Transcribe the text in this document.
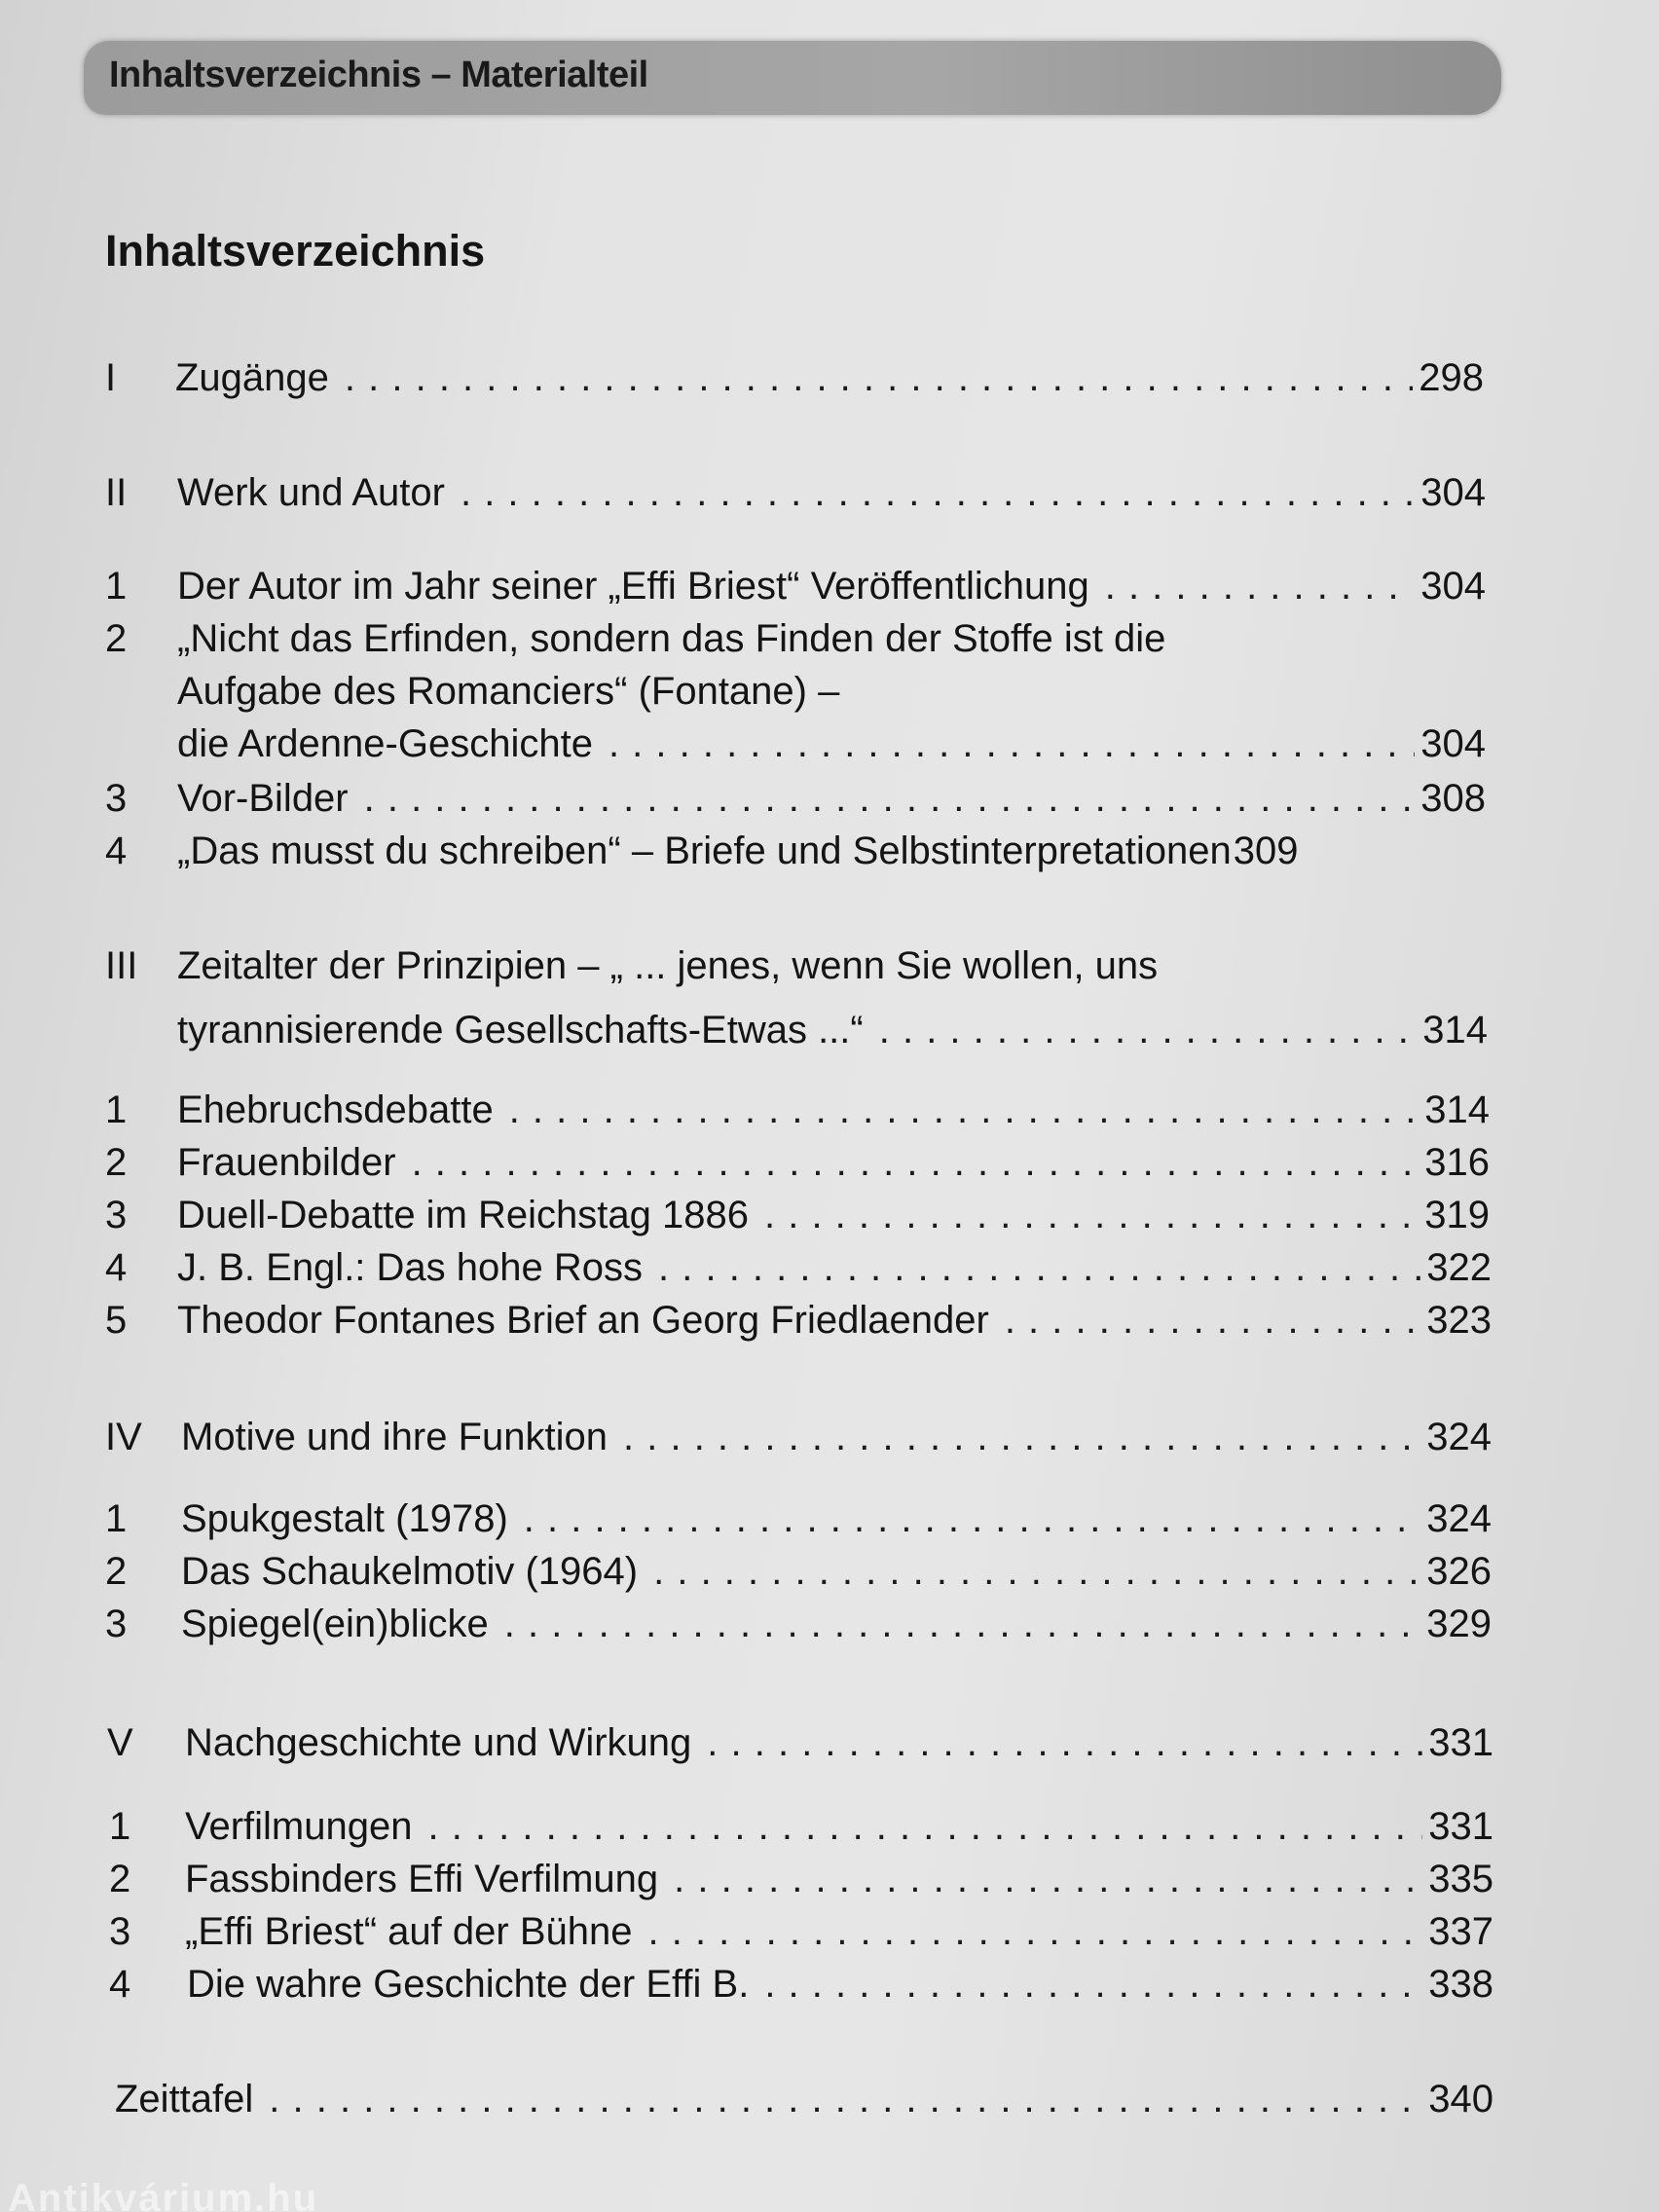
Inhaltsverzeichnis – Materialteil
Inhaltsverzeichnis
I	Zugänge . . .	298
II	Werk und Autor . . .	304
1	Der Autor im Jahr seiner „Effi Briest“ Veröffentlichung . . .	304
2	„Nicht das Erfinden, sondern das Finden der Stoffe ist die
Aufgabe des Romanciers“ (Fontane) –
die Ardenne-Geschichte . . .	304
3	Vor-Bilder . . .	308
4	„Das musst du schreiben“ – Briefe und Selbstinterpretationen 309
III	Zeitalter der Prinzipien – „ ... jenes, wenn Sie wollen, uns
tyrannisierende Gesellschafts-Etwas ...“ . . .	314
1	Ehebruchsdebatte . . .	314
2	Frauenbilder . . .	316
3	Duell-Debatte im Reichstag 1886 . . .	319
4	J. B. Engl.: Das hohe Ross . . .	322
5	Theodor Fontanes Brief an Georg Friedlaender . . .	323
IV	Motive und ihre Funktion . . .	324
1	Spukgestalt (1978) . . .	324
2	Das Schaukelmotiv (1964) . . .	326
3	Spiegel(ein)blicke . . .	329
V	Nachgeschichte und Wirkung . . .	331
1	Verfilmungen . . .	331
2	Fassbinders Effi Verfilmung . . .	335
3	„Effi Briest“ auf der Bühne . . .	337
4	Die wahre Geschichte der Effi B. . . .	338
Zeittafel . . .	340
Antikvárium.hu
